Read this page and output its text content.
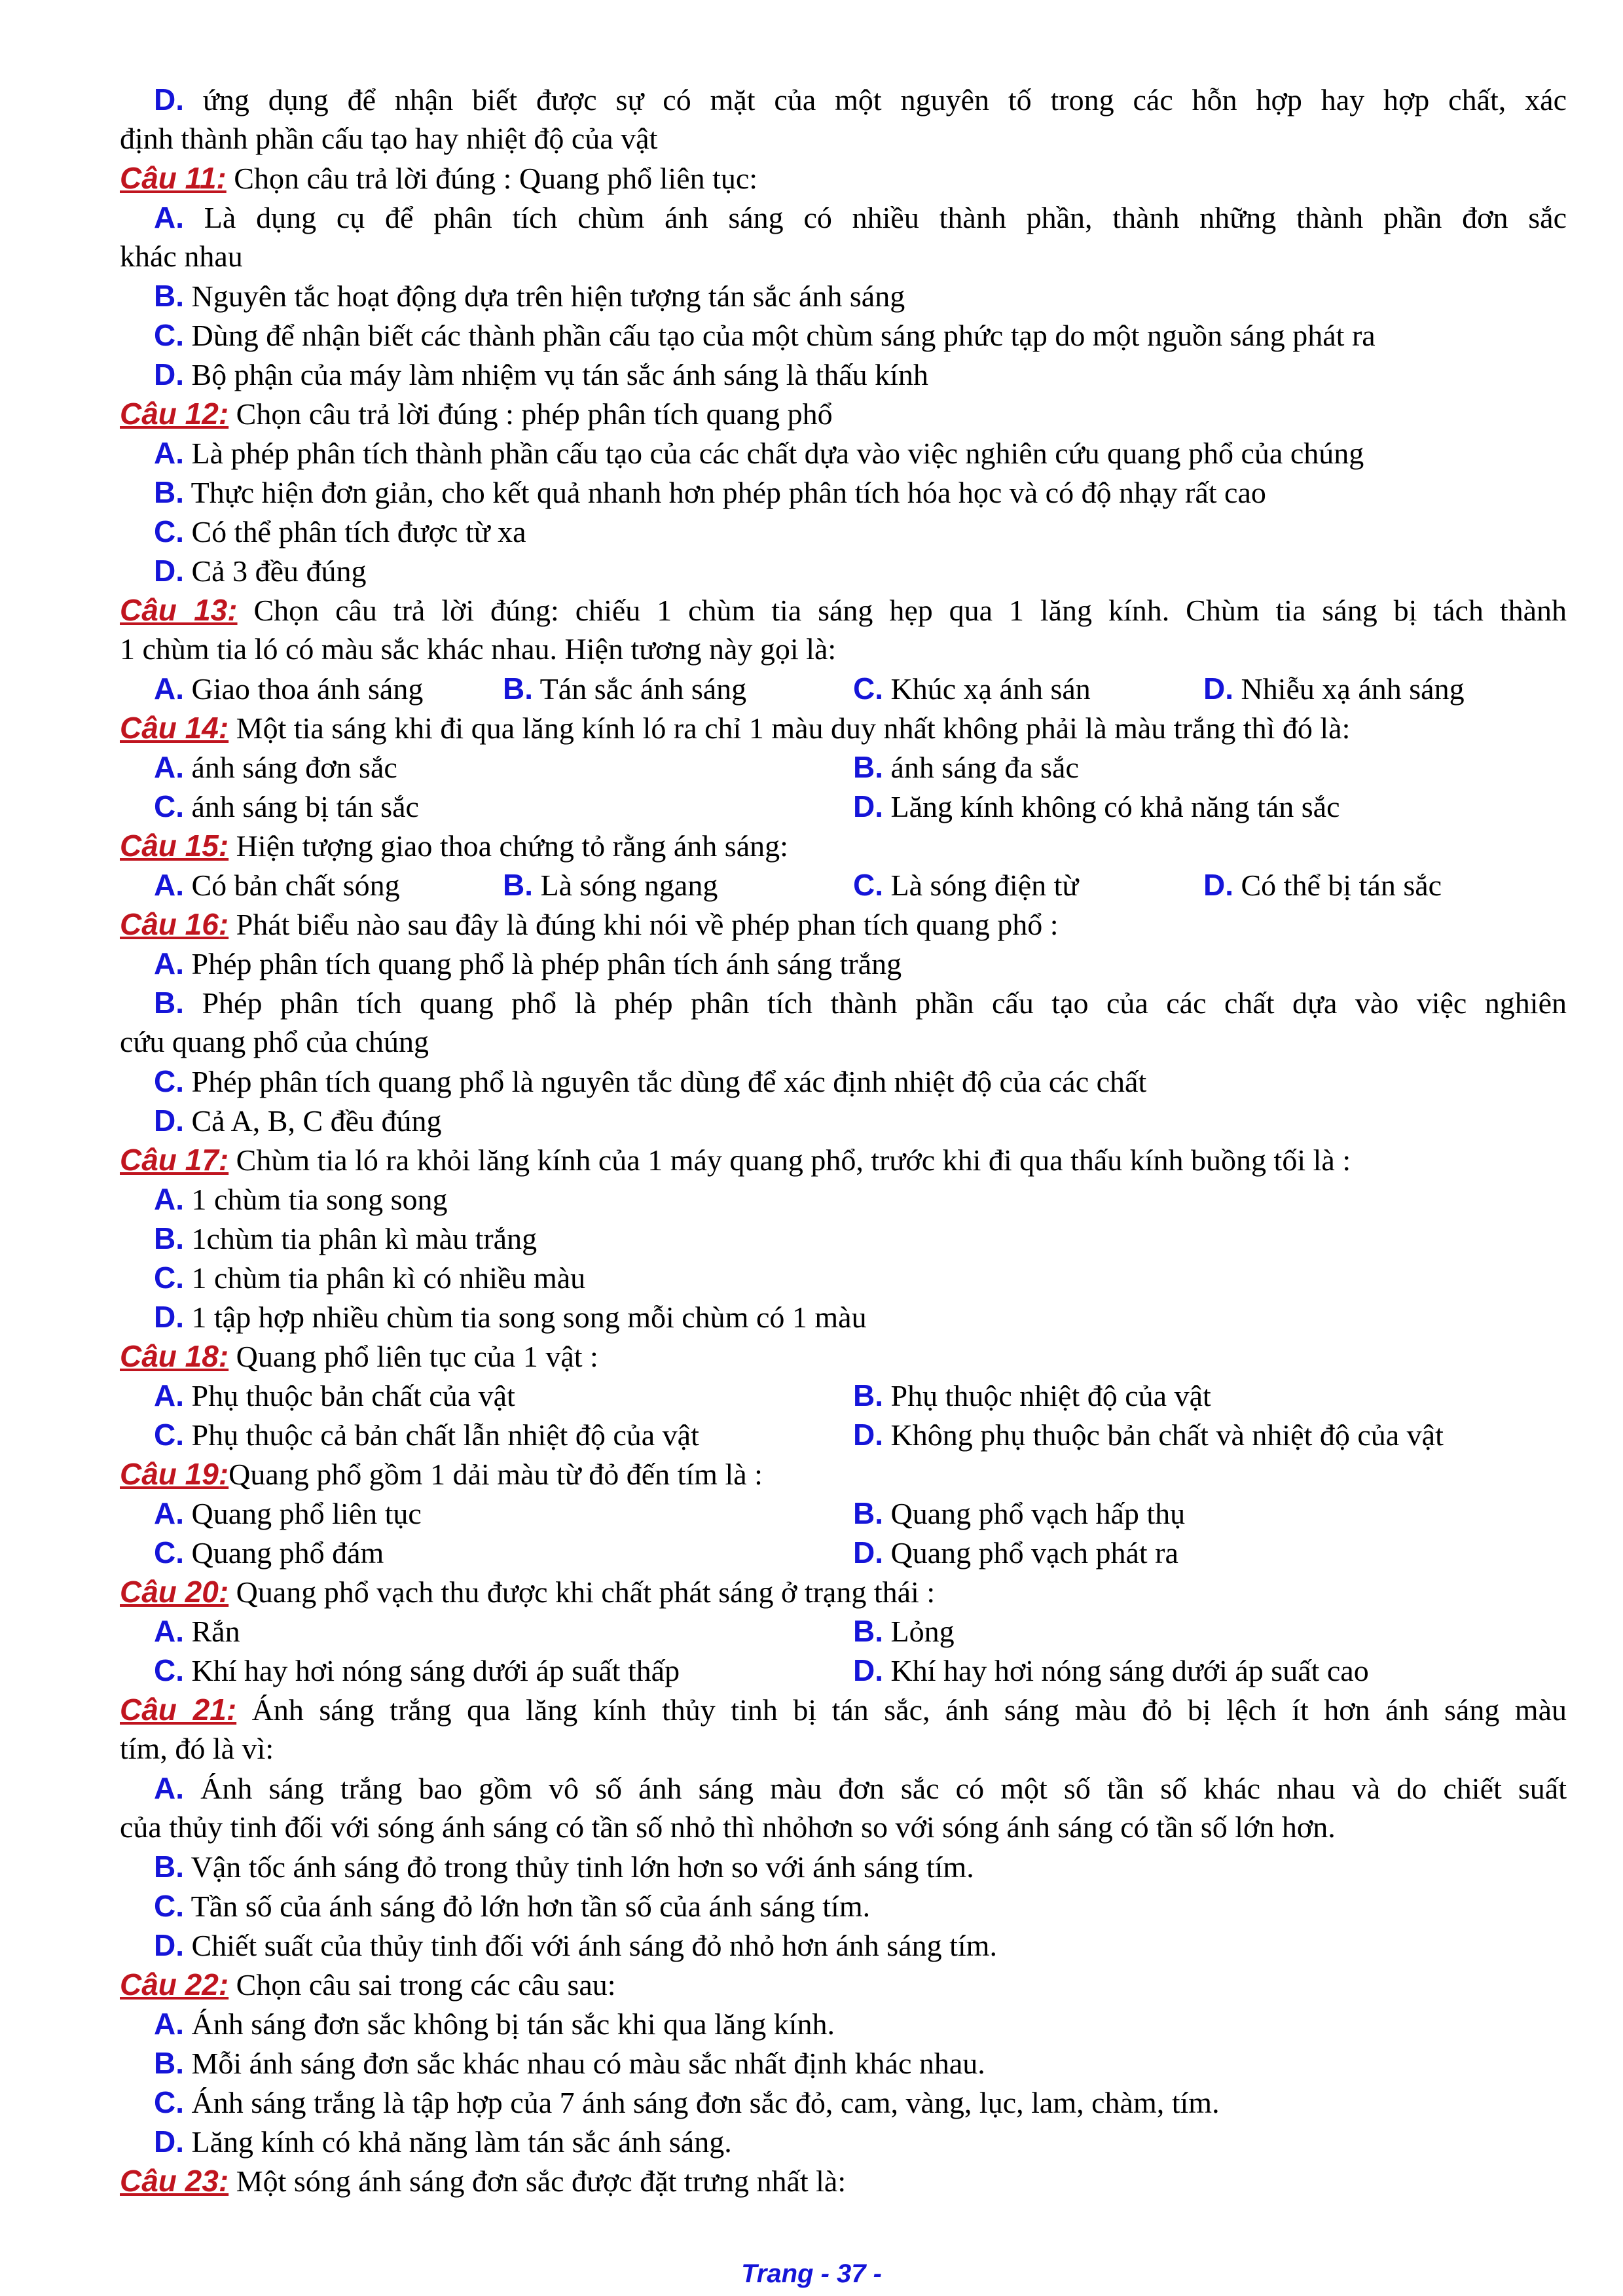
D. ứng dụng để nhận biết được sự có mặt của một nguyên tố trong các hỗn hợp hay hợp chất, xác
định thành phần cấu tạo hay nhiệt độ của vật
Câu 11: Chọn câu trả lời đúng : Quang phổ liên tục:
A. Là dụng cụ để phân tích chùm ánh sáng có nhiều thành phần, thành những thành phần đơn sắc
khác nhau
B. Nguyên tắc hoạt động dựa trên hiện tượng tán sắc ánh sáng
C. Dùng để nhận biết các thành phần cấu tạo của một chùm sáng phức tạp do một nguồn sáng phát ra
D. Bộ phận của máy làm nhiệm vụ tán sắc ánh sáng là thấu kính
Câu 12: Chọn câu trả lời đúng : phép phân tích quang phổ
A. Là phép phân tích thành phần cấu tạo của các chất dựa vào việc nghiên cứu quang phổ của chúng
B. Thực hiện đơn giản, cho kết quả nhanh hơn phép phân tích hóa học và có độ nhạy rất cao
C. Có thể phân tích được từ xa
D. Cả 3 đều đúng
Câu 13: Chọn câu trả lời đúng: chiếu 1 chùm tia sáng hẹp qua 1 lăng kính. Chùm tia sáng bị tách thành
1 chùm tia ló có màu sắc khác nhau. Hiện tương này gọi là:
A. Giao thoa ánh sáng	B. Tán sắc ánh sáng	C. Khúc xạ ánh sán	D. Nhiễu xạ ánh sáng
Câu 14: Một tia sáng khi đi qua lăng kính ló ra chỉ 1 màu duy nhất không phải là màu trắng thì đó là:
A. ánh sáng đơn sắc	B. ánh sáng đa sắc
C. ánh sáng bị tán sắc	D. Lăng kính không có khả năng tán sắc
Câu 15: Hiện tượng giao thoa chứng tỏ rằng ánh sáng:
A. Có bản chất sóng	B. Là sóng ngang	C. Là sóng điện từ	D. Có thể bị tán sắc
Câu 16: Phát biểu nào sau đây là đúng khi nói về phép phan tích quang phổ :
A. Phép phân tích quang phổ là phép phân tích ánh sáng trắng
B. Phép phân tích quang phổ là phép phân tích thành phần cấu tạo của các chất dựa vào việc nghiên
cứu quang phổ của chúng
C. Phép phân tích quang phổ là nguyên tắc dùng để xác định nhiệt độ của các chất
D. Cả A, B, C đều đúng
Câu 17: Chùm tia ló ra khỏi lăng kính của 1 máy quang phổ, trước khi đi qua thấu kính buồng tối là :
A. 1 chùm tia song song
B. 1chùm tia phân kì màu trắng
C. 1 chùm tia phân kì có nhiều màu
D. 1 tập hợp nhiều chùm tia song song mỗi chùm có 1 màu
Câu 18: Quang phổ liên tục của 1 vật :
A. Phụ thuộc bản chất của vật	B. Phụ thuộc nhiệt độ của vật
C. Phụ thuộc cả bản chất lẫn nhiệt độ của vật	D. Không phụ thuộc bản chất và nhiệt độ của vật
Câu 19:Quang phổ gồm 1 dải màu từ đỏ đến tím là :
A. Quang phổ liên tục	B. Quang phổ vạch hấp thụ
C. Quang phổ đám	D. Quang phổ vạch phát ra
Câu 20: Quang phổ vạch thu được khi chất phát sáng ở trạng thái :
A. Rắn	B. Lỏng
C. Khí hay hơi nóng sáng dưới áp suất thấp	D. Khí hay hơi nóng sáng dưới áp suất cao
Câu 21: Ánh sáng trắng qua lăng kính thủy tinh bị tán sắc, ánh sáng màu đỏ bị lệch ít hơn ánh sáng màu
tím, đó là vì:
A. Ánh sáng trắng bao gồm vô số ánh sáng màu đơn sắc có một số tần số khác nhau và do chiết suất
của thủy tinh đối với sóng ánh sáng có tần số nhỏ thì nhỏhơn so với sóng ánh sáng có tần số lớn hơn.
B. Vận tốc ánh sáng đỏ trong thủy tinh lớn hơn so với ánh sáng tím.
C. Tần số của ánh sáng đỏ lớn hơn tần số của ánh sáng tím.
D. Chiết suất của thủy tinh đối với ánh sáng đỏ nhỏ hơn ánh sáng tím.
Câu 22: Chọn câu sai trong các câu sau:
A. Ánh sáng đơn sắc không bị tán sắc khi qua lăng kính.
B. Mỗi ánh sáng đơn sắc khác nhau có màu sắc nhất định khác nhau.
C. Ánh sáng trắng là tập hợp của 7 ánh sáng đơn sắc đỏ, cam, vàng, lục, lam, chàm, tím.
D. Lăng kính có khả năng làm tán sắc ánh sáng.
Câu 23: Một sóng ánh sáng đơn sắc được đặt trưng nhất là:
Trang - 37 -
